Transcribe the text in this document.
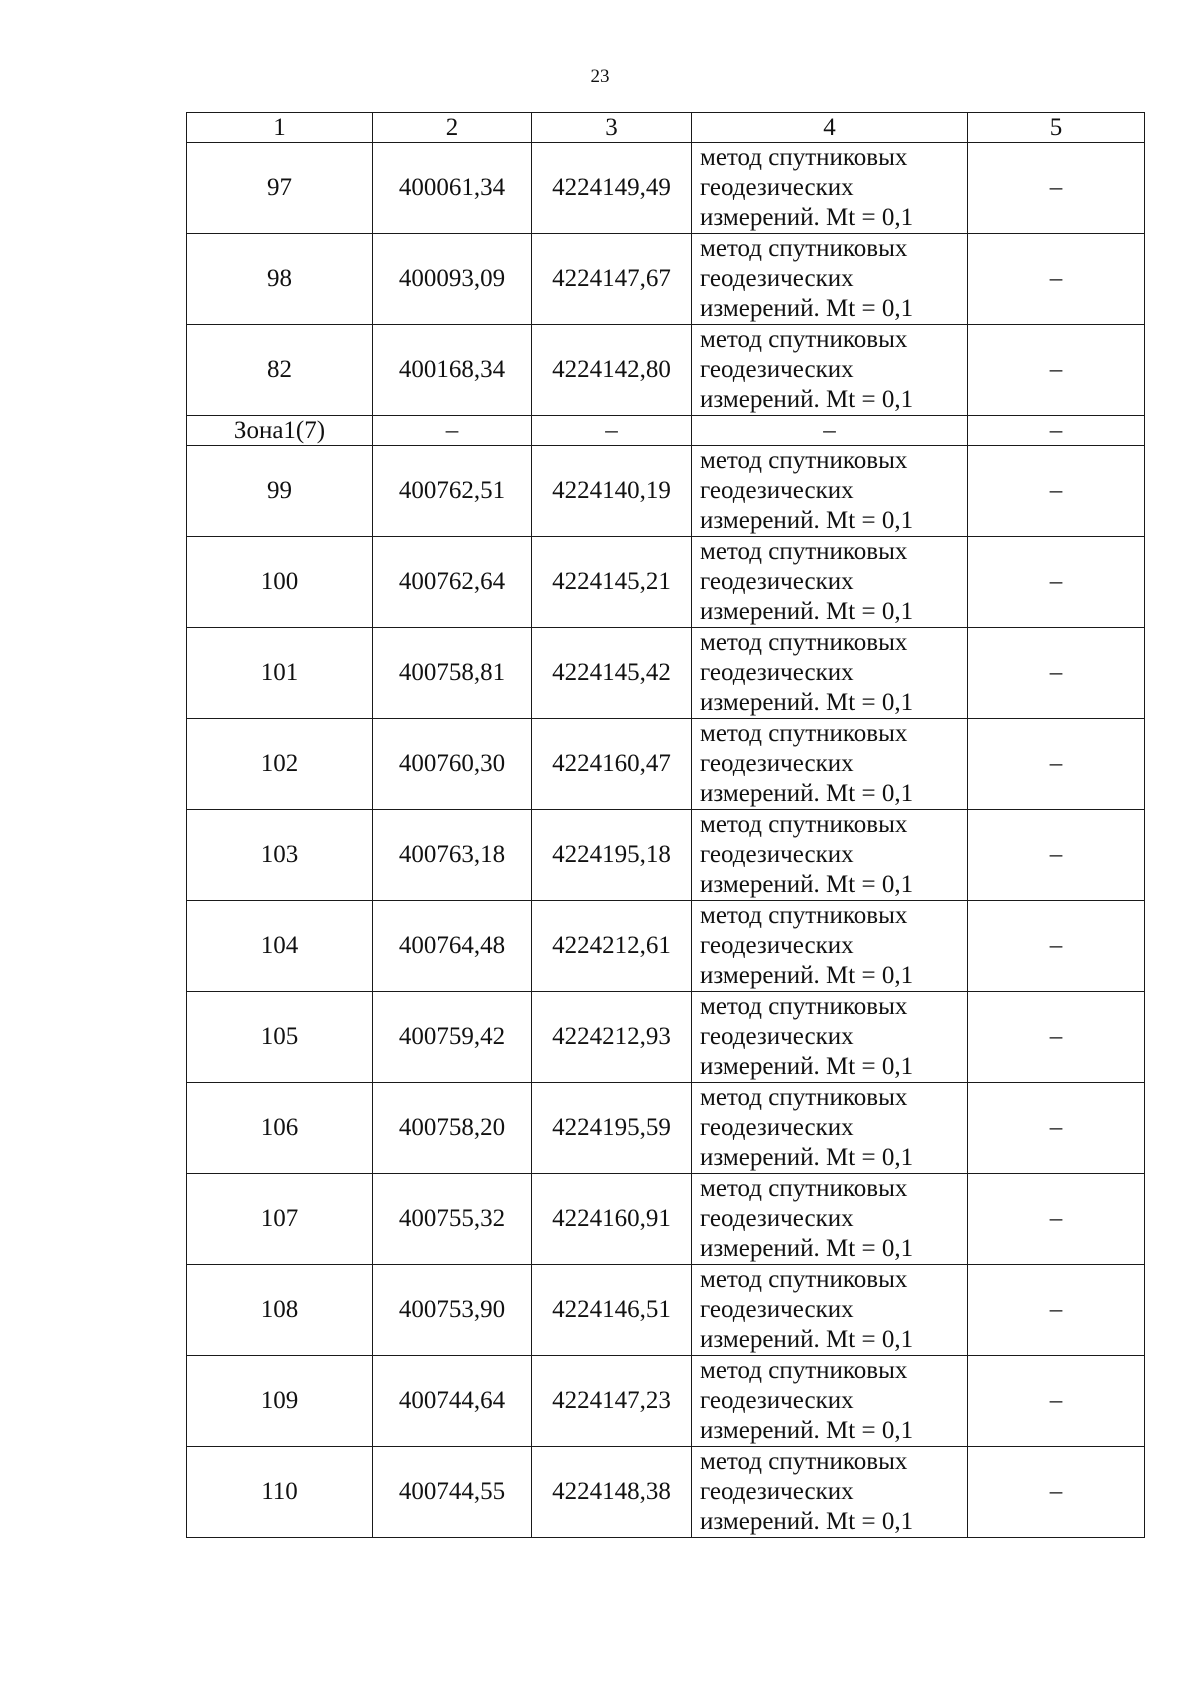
23
1	2	3	4	5
97	400061,34	4224149,49	метод спутниковых
геодезических
измерений. Mt = 0,1	–
98	400093,09	4224147,67	метод спутниковых
геодезических
измерений. Mt = 0,1	–
82	400168,34	4224142,80	метод спутниковых
геодезических
измерений. Mt = 0,1	–
Зона1(7)	–	–	–	–
99	400762,51	4224140,19	метод спутниковых
геодезических
измерений. Mt = 0,1	–
100	400762,64	4224145,21	метод спутниковых
геодезических
измерений. Mt = 0,1	–
101	400758,81	4224145,42	метод спутниковых
геодезических
измерений. Mt = 0,1	–
102	400760,30	4224160,47	метод спутниковых
геодезических
измерений. Mt = 0,1	–
103	400763,18	4224195,18	метод спутниковых
геодезических
измерений. Mt = 0,1	–
104	400764,48	4224212,61	метод спутниковых
геодезических
измерений. Mt = 0,1	–
105	400759,42	4224212,93	метод спутниковых
геодезических
измерений. Mt = 0,1	–
106	400758,20	4224195,59	метод спутниковых
геодезических
измерений. Mt = 0,1	–
107	400755,32	4224160,91	метод спутниковых
геодезических
измерений. Mt = 0,1	–
108	400753,90	4224146,51	метод спутниковых
геодезических
измерений. Mt = 0,1	–
109	400744,64	4224147,23	метод спутниковых
геодезических
измерений. Mt = 0,1	–
110	400744,55	4224148,38	метод спутниковых
геодезических
измерений. Mt = 0,1	–
